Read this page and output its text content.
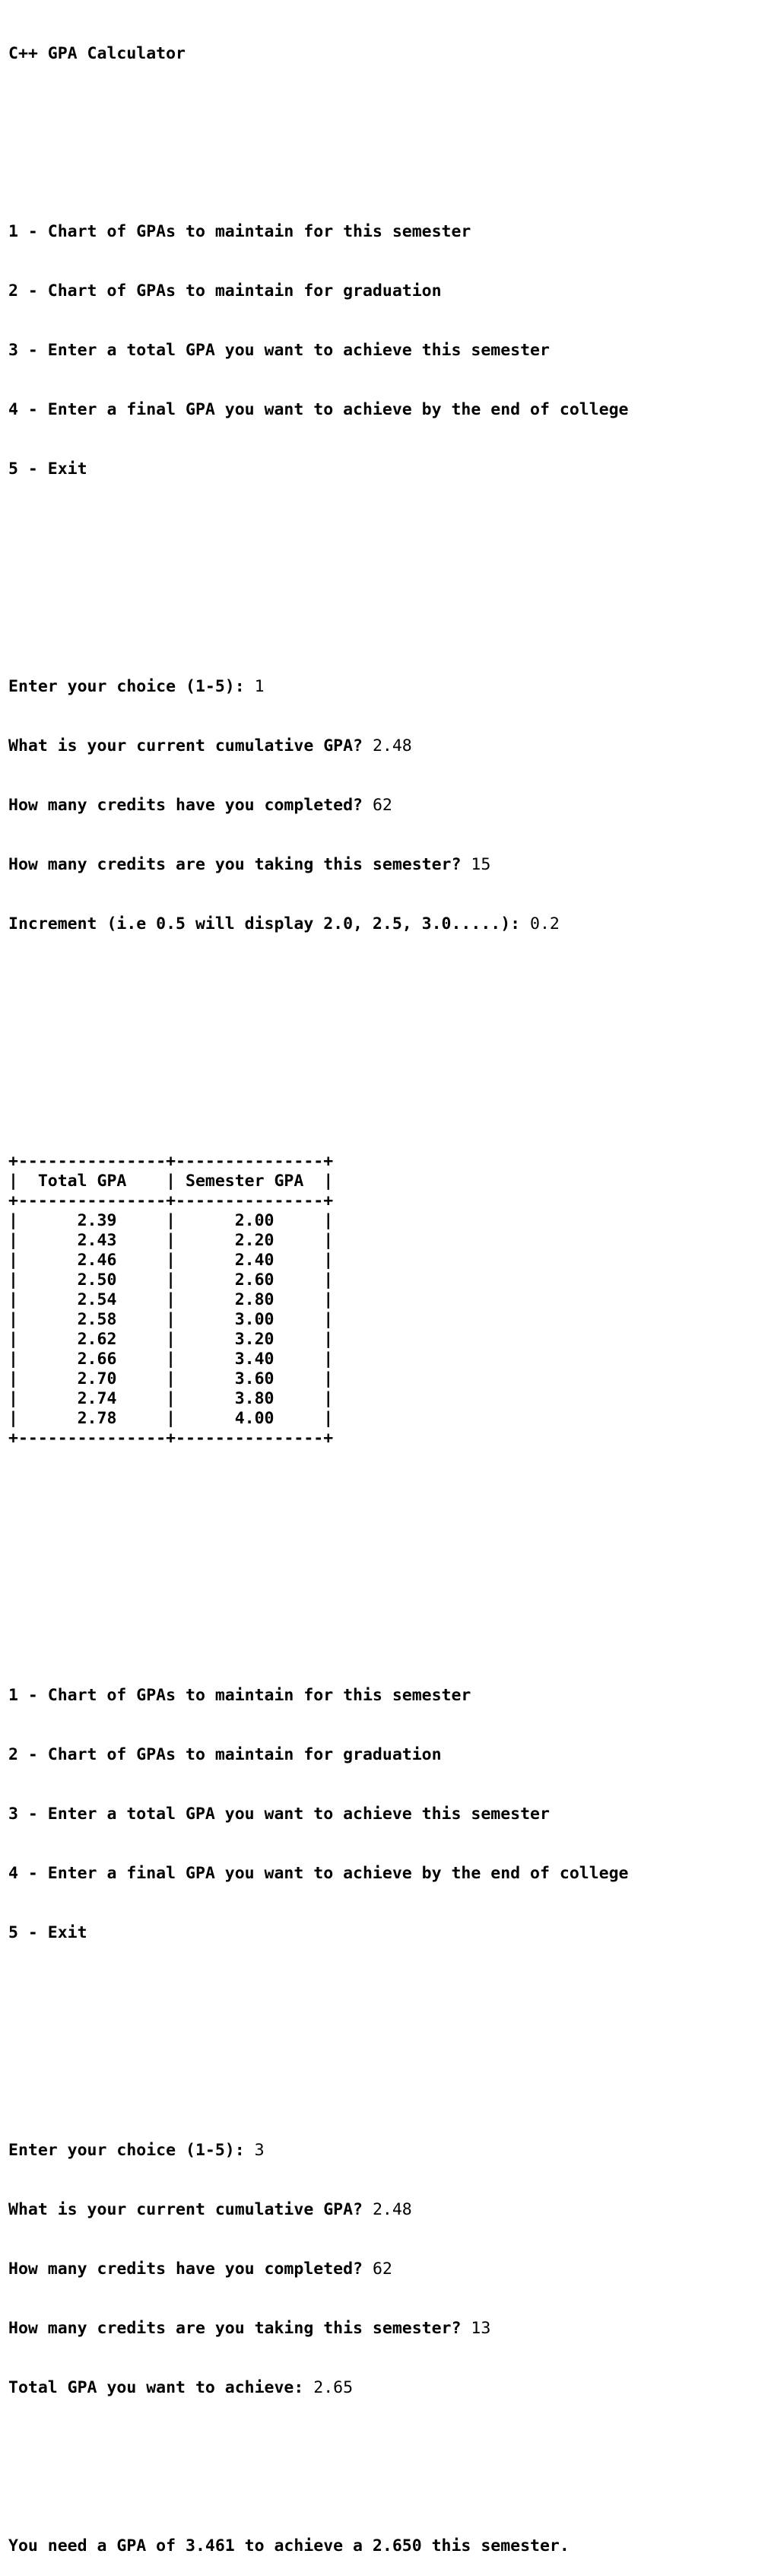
C++ GPA Calculator

1 - Chart of GPAs to maintain for this semester

2 - Chart of GPAs to maintain for graduation

3 - Enter a total GPA you want to achieve this semester

4 - Enter a final GPA you want to achieve by the end of college

5 - Exit

Enter your choice (1-5): 1

What is your current cumulative GPA? 2.48

How many credits have you completed? 62

How many credits are you taking this semester? 15

Increment (i.e 0.5 will display 2.0, 2.5, 3.0.....): 0.2

+---------------+---------------+
|  Total GPA    | Semester GPA  |
+---------------+---------------+
|      2.39     |      2.00     |
|      2.43     |      2.20     |
|      2.46     |      2.40     |
|      2.50     |      2.60     |
|      2.54     |      2.80     |
|      2.58     |      3.00     |
|      2.62     |      3.20     |
|      2.66     |      3.40     |
|      2.70     |      3.60     |
|      2.74     |      3.80     |
|      2.78     |      4.00     |
+---------------+---------------+

1 - Chart of GPAs to maintain for this semester

2 - Chart of GPAs to maintain for graduation

3 - Enter a total GPA you want to achieve this semester

4 - Enter a final GPA you want to achieve by the end of college

5 - Exit

Enter your choice (1-5): 3

What is your current cumulative GPA? 2.48

How many credits have you completed? 62

How many credits are you taking this semester? 13

Total GPA you want to achieve: 2.65

You need a GPA of 3.461 to achieve a 2.650 this semester.
